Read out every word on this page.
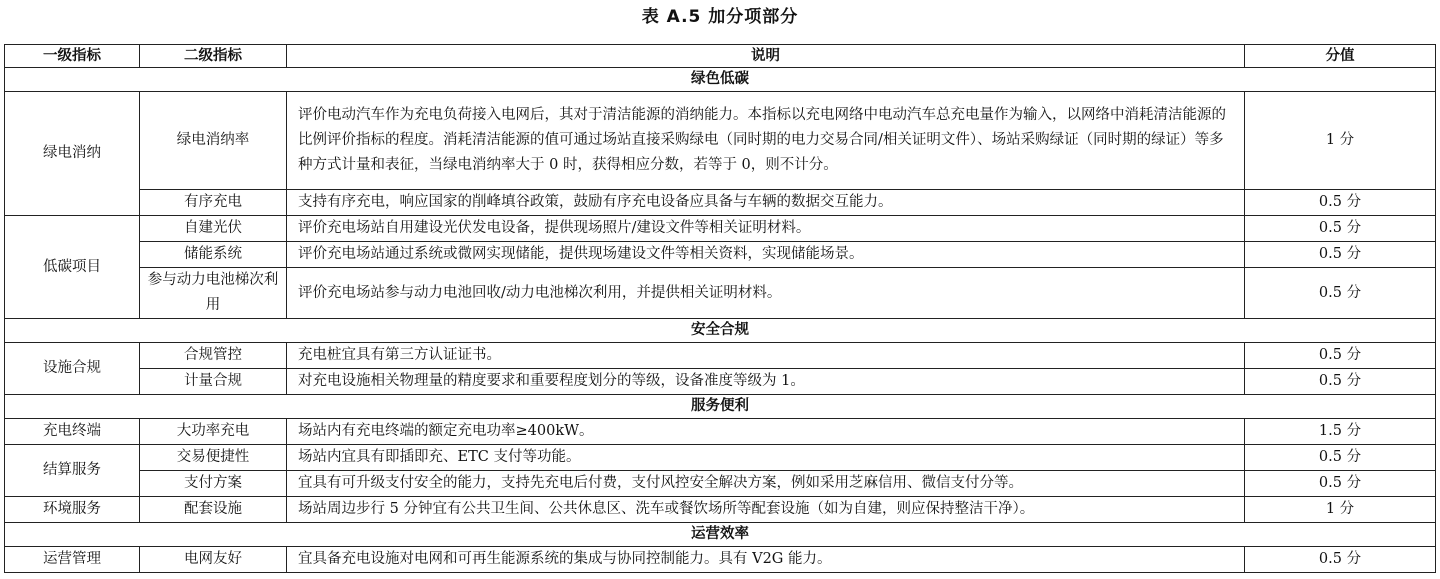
表 A.5 加分项部分
一级指标	二级指标	说明	分值
绿色低碳			
绿电消纳	绿电消纳率	评价电动汽车作为充电负荷接入电网后，其对于清洁能源的消纳能力。本指标以充电网络中电动汽车总充电量作为输入，以网络中消耗清洁能源的比例评价指标的程度。消耗清洁能源的值可通过场站直接采购绿电（同时期的电力交易合同/相关证明文件）、场站采购绿证（同时期的绿证）等多种方式计量和表征，当绿电消纳率大于 0 时，获得相应分数，若等于 0，则不计分。	1 分
	有序充电	支持有序充电，响应国家的削峰填谷政策，鼓励有序充电设备应具备与车辆的数据交互能力。	0.5 分
低碳项目	自建光伏	评价充电场站自用建设光伏发电设备，提供现场照片/建设文件等相关证明材料。	0.5 分
	储能系统	评价充电场站通过系统或微网实现储能，提供现场建设文件等相关资料，实现储能场景。	0.5 分
	参与动力电池梯次利用	评价充电场站参与动力电池回收/动力电池梯次利用，并提供相关证明材料。	0.5 分
安全合规			
设施合规	合规管控	充电桩宜具有第三方认证证书。	0.5 分
	计量合规	对充电设施相关物理量的精度要求和重要程度划分的等级，设备准度等级为 1。	0.5 分
服务便利			
充电终端	大功率充电	场站内有充电终端的额定充电功率≥400kW。	1.5 分
结算服务	交易便捷性	场站内宜具有即插即充、ETC 支付等功能。	0.5 分
	支付方案	宜具有可升级支付安全的能力，支持先充电后付费，支付风控安全解决方案，例如采用芝麻信用、微信支付分等。	0.5 分
环境服务	配套设施	场站周边步行 5 分钟宜有公共卫生间、公共休息区、洗车或餐饮场所等配套设施（如为自建，则应保持整洁干净）。	1 分
运营效率			
运营管理	电网友好	宜具备充电设施对电网和可再生能源系统的集成与协同控制能力。具有 V2G 能力。	0.5 分
